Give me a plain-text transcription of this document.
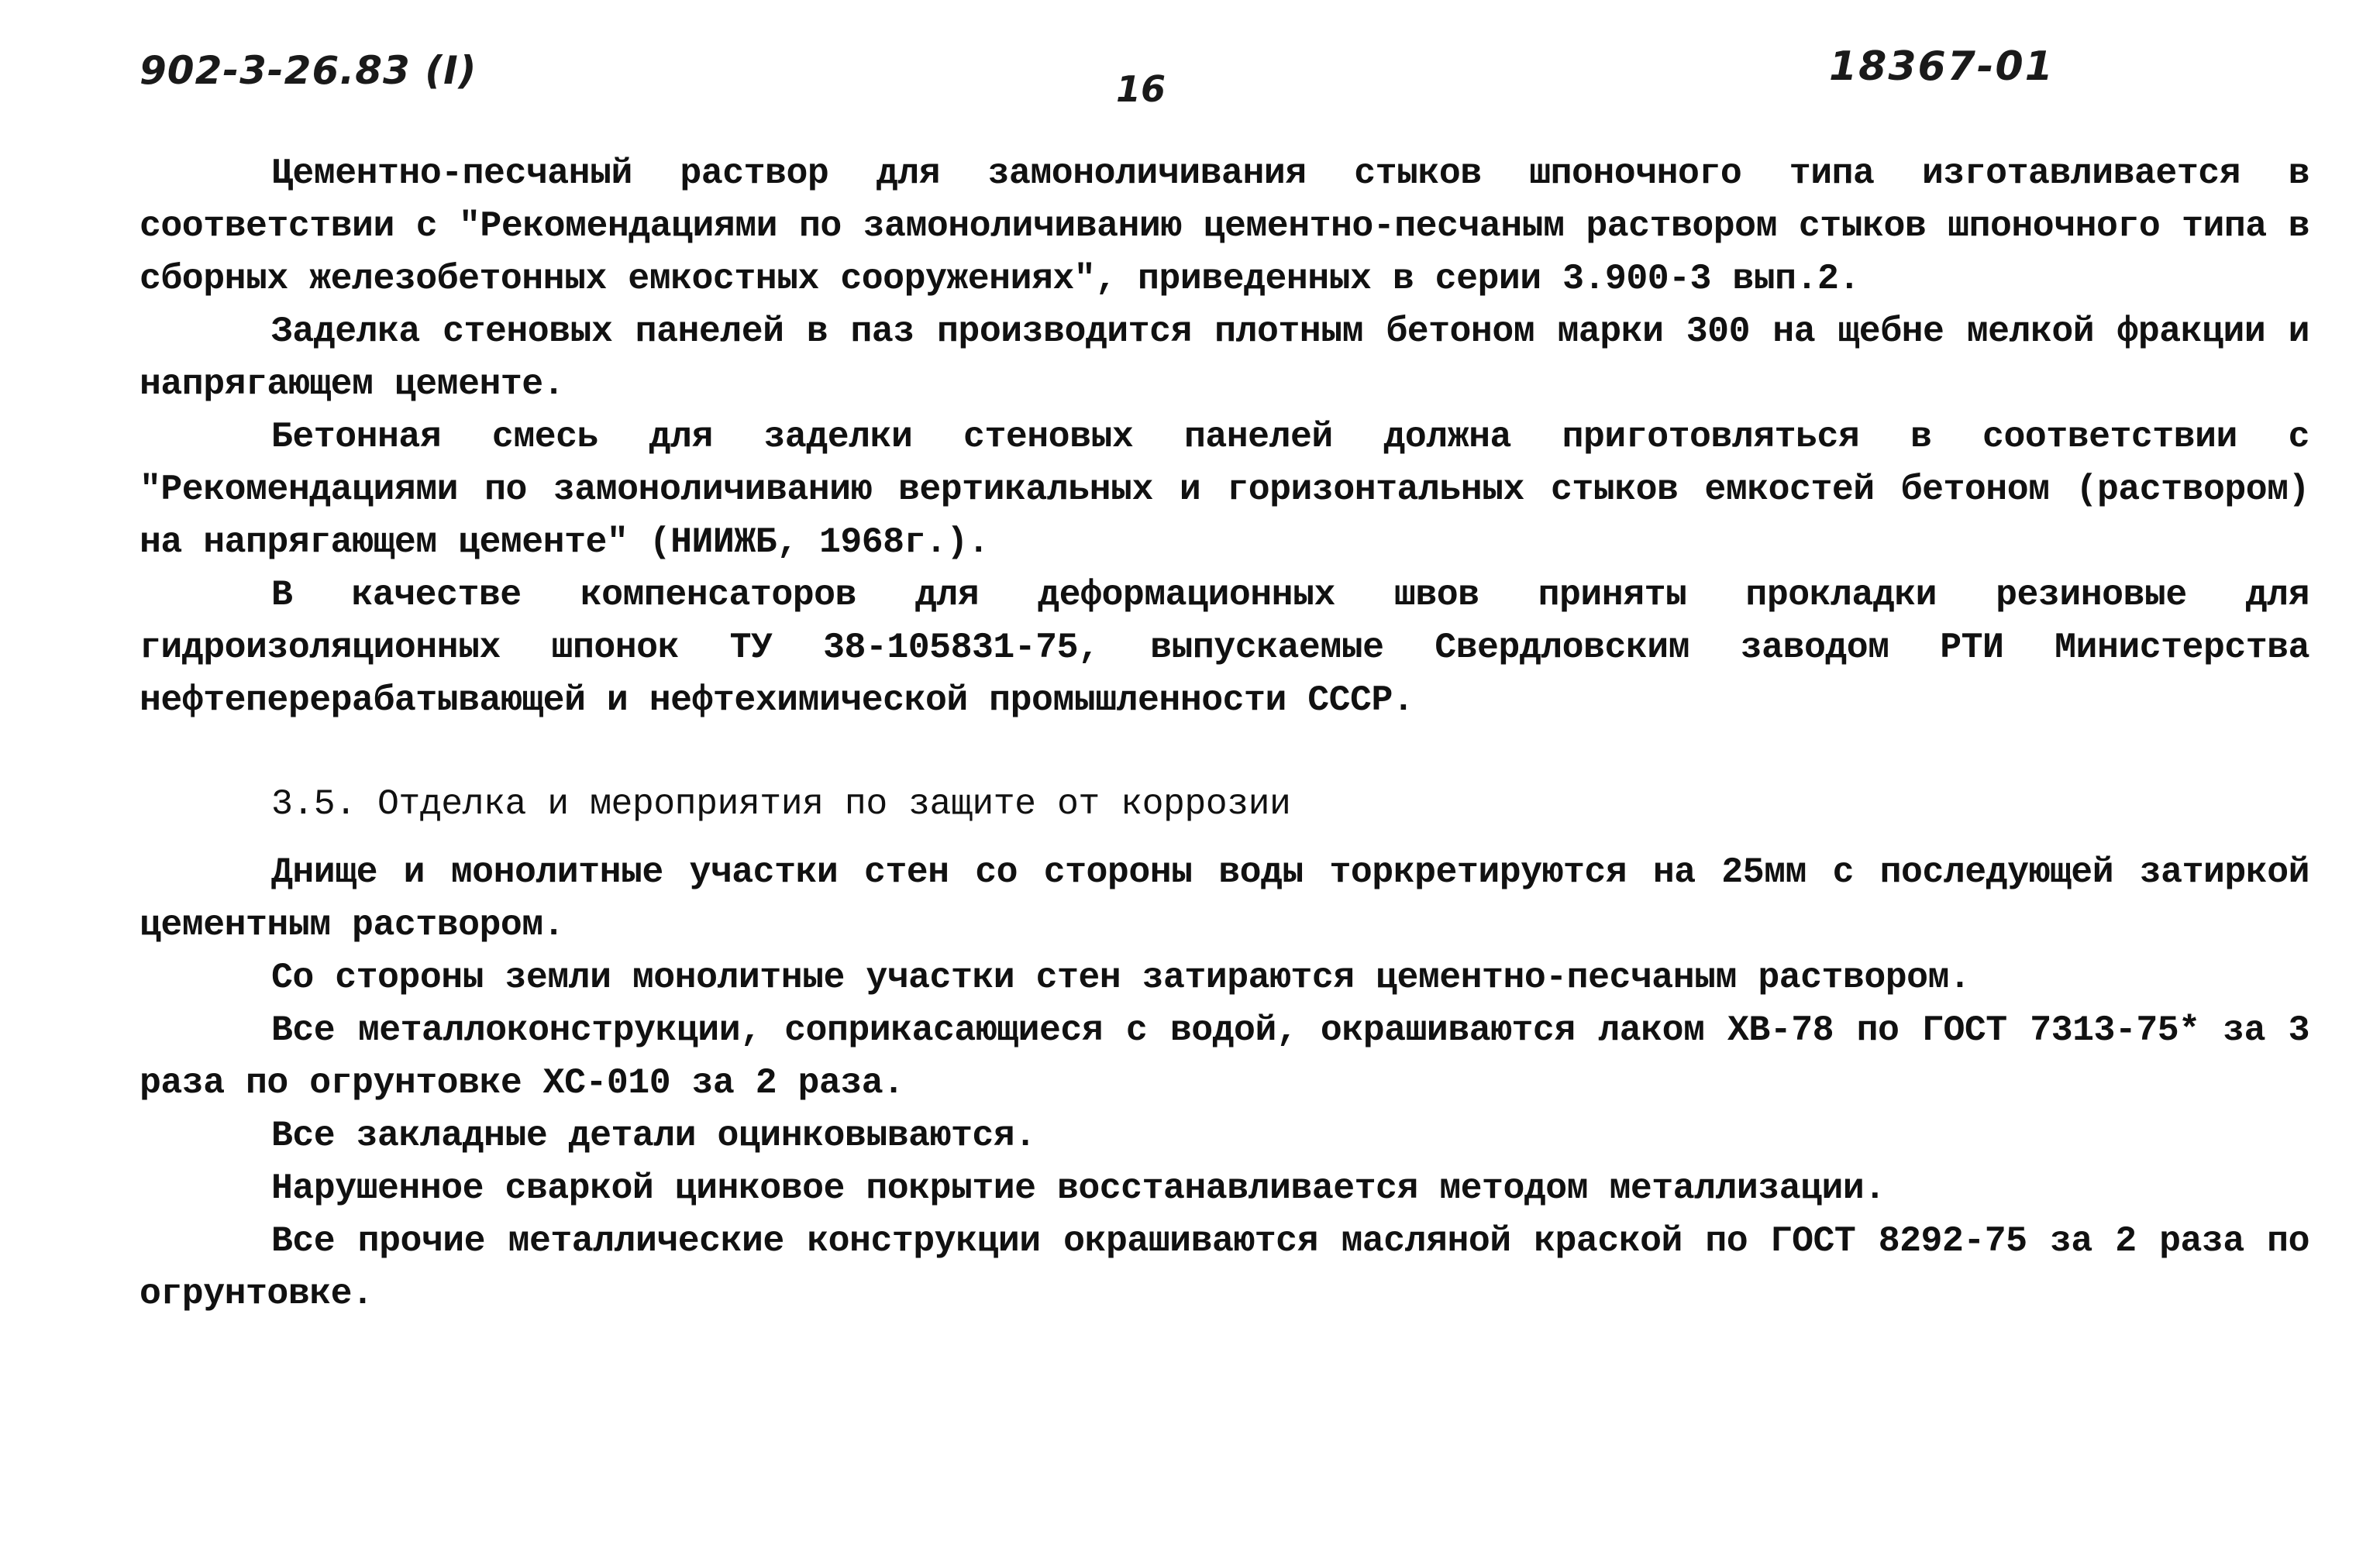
902-3-26.83 (I)	16	18367-01

Цементно-песчаный раствор для замоноличивания стыков шпоночного типа изготавливается в соответствии с "Рекомендациями по замоноличиванию цементно-песчаным раствором стыков шпоночного типа в сборных железобетонных емкостных сооружениях", приведенных в серии 3.900-3 вып.2.

Заделка стеновых панелей в паз производится плотным бетоном марки 300 на щебне мелкой фракции и напрягающем цементе.

Бетонная смесь для заделки стеновых панелей должна приготовляться в соответствии с "Рекомендациями по замоноличиванию вертикальных и горизонтальных стыков емкостей бетоном (раствором) на напрягающем цементе" (НИИЖБ, 1968г.).

В качестве компенсаторов для деформационных швов приняты прокладки резиновые для гидроизоляционных шпонок ТУ 38-105831-75, выпускаемые Свердловским заводом РТИ Министерства нефтеперерабатывающей и нефтехимической промышленности СССР.

3.5. Отделка и мероприятия по защите от коррозии

Днище и монолитные участки стен со стороны воды торкретируются на 25мм с последующей затиркой цементным раствором.

Со стороны земли монолитные участки стен затираются цементно-песчаным раствором.

Все металлоконструкции, соприкасающиеся с водой, окрашиваются лаком ХВ-78 по ГОСТ 7313-75* за 3 раза по огрунтовке ХС-010 за 2 раза.

Все закладные детали оцинковываются.

Нарушенное сваркой цинковое покрытие восстанавливается методом металлизации.

Все прочие металлические конструкции окрашиваются масляной краской по ГОСТ 8292-75 за 2 раза по огрунтовке.
